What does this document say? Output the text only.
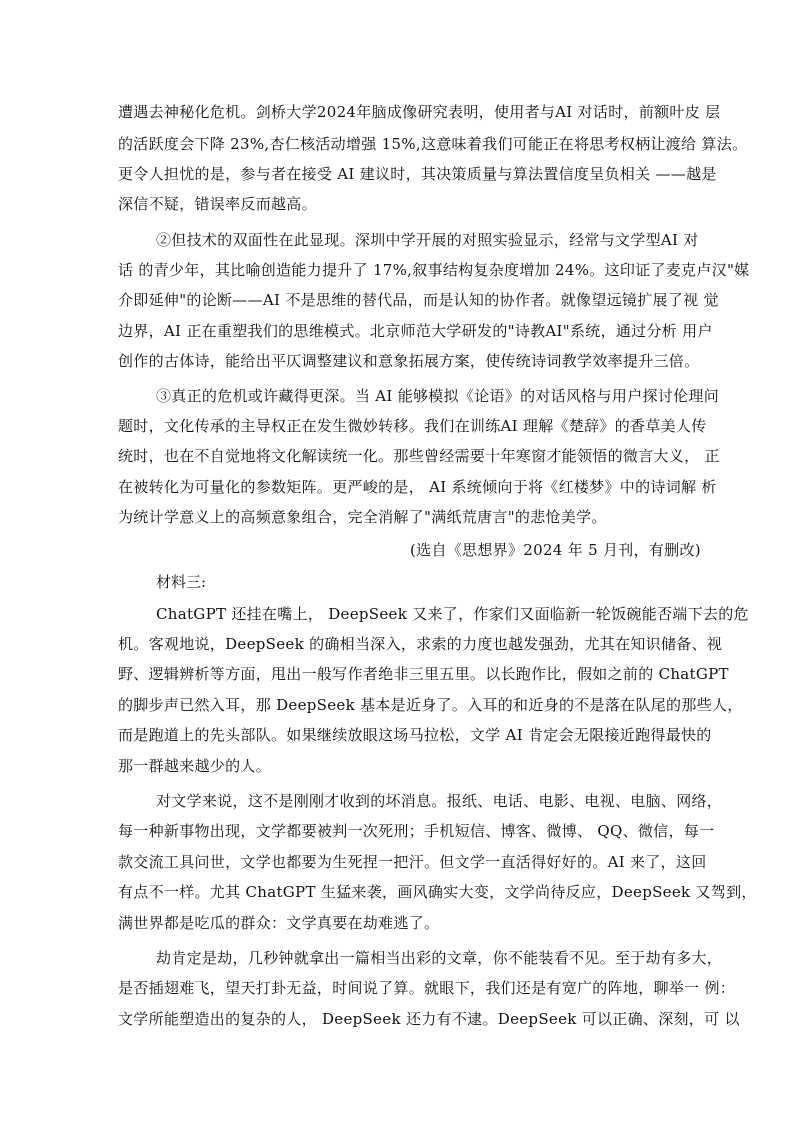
遭遇去神秘化危机。剑桥大学2024年脑成像研究表明，使用者与AI 对话时，前额叶皮 层
的活跃度会下降 23%,杏仁核活动增强 15%,这意味着我们可能正在将思考权柄让渡给 算法。
更令人担忧的是，参与者在接受 AI 建议时，其决策质量与算法置信度呈负相关 ——越是
深信不疑，错误率反而越高。
②但技术的双面性在此显现。深圳中学开展的对照实验显示，经常与文学型AI 对
话 的青少年，其比喻创造能力提升了 17%,叙事结构复杂度增加 24%。这印证了麦克卢汉"媒
介即延伸"的论断——AI 不是思维的替代品，而是认知的协作者。就像望远镜扩展了视 觉
边界，AI 正在重塑我们的思维模式。北京师范大学研发的"诗教AI"系统，通过分析 用户
创作的古体诗，能给出平仄调整建议和意象拓展方案，使传统诗词教学效率提升三倍。
③真正的危机或许藏得更深。当 AI 能够模拟《论语》的对话风格与用户探讨伦理问
题时，文化传承的主导权正在发生微妙转移。我们在训练AI 理解《楚辞》的香草美人传
统时，也在不自觉地将文化解读统一化。那些曾经需要十年寒窗才能领悟的微言大义， 正
在被转化为可量化的参数矩阵。更严峻的是， AI 系统倾向于将《红楼梦》中的诗词解 析
为统计学意义上的高频意象组合，完全消解了"满纸荒唐言"的悲怆美学。
(选自《思想界》2024 年 5 月刊，有删改)
材料三:
ChatGPT 还挂在嘴上， DeepSeek 又来了，作家们又面临新一轮饭碗能否端下去的危
机。客观地说，DeepSeek 的确相当深入，求索的力度也越发强劲，尤其在知识储备、视
野、逻辑辨析等方面，甩出一般写作者绝非三里五里。以长跑作比，假如之前的 ChatGPT
的脚步声已然入耳，那 DeepSeek 基本是近身了。入耳的和近身的不是落在队尾的那些人，
而是跑道上的先头部队。如果继续放眼这场马拉松，文学 AI 肯定会无限接近跑得最快的
那一群越来越少的人。
对文学来说，这不是刚刚才收到的坏消息。报纸、电话、电影、电视、电脑、网络，
每一种新事物出现，文学都要被判一次死刑；手机短信、博客、微博、 QQ、微信，每一
款交流工具问世，文学也都要为生死捏一把汗。但文学一直活得好好的。AI 来了，这回
有点不一样。尤其 ChatGPT 生猛来袭，画风确实大变，文学尚待反应，DeepSeek 又驾到，
满世界都是吃瓜的群众：文学真要在劫难逃了。
劫肯定是劫，几秒钟就拿出一篇相当出彩的文章，你不能装看不见。至于劫有多大，
是否插翅难飞，望天打卦无益，时间说了算。就眼下，我们还是有宽广的阵地，聊举一 例：
文学所能塑造出的复杂的人， DeepSeek 还力有不逮。DeepSeek 可以正确、深刻，可 以
